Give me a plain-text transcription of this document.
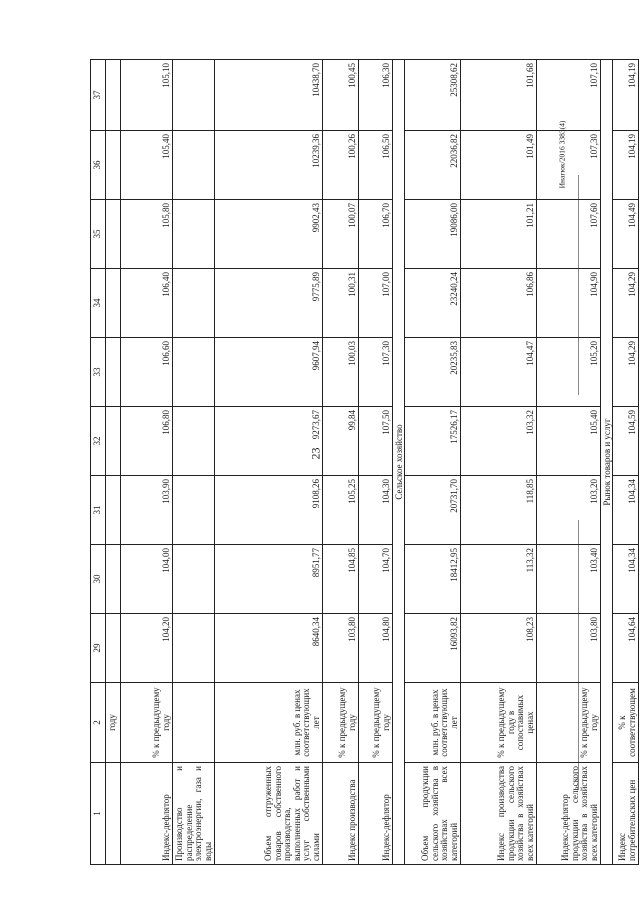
23
Инагюк/2016 3383(4)
1	2	29	30	31	32	33	34	35	36	37
	году									
Индекс-дефлятор	% к предыдущему году	104,20	104,00	103,90	106,80	106,60	106,40	105,80	105,40	105,10
Производство и распределение электроэнергии, газа и воды										
Объем отгруженных товаров собственного производства, выполненных работ и услуг собственными силами	млн. руб. в ценах соответствующих лет	8640,34	8951,77	9108,26	9273,67	9607,94	9775,89	9902,43	10239,36	10438,70
Индекс производства	% к предыдущему году	103,80	104,85	105,25	99,84	100,03	100,31	100,07	100,26	100,45
Индекс-дефлятор	% к предыдущему году	104,80	104,70	104,30	107,50	107,30	107,00	106,70	106,50	106,30
Сельское хозяйство										
Объем продукции сельского хозяйства в хозяйствах всех категорий	млн. руб. в ценах соответствующих лет	16093,82	18412,95	20731,70	17526,17	20235,83	23240,24	19086,00	22036,82	25308,62
Индекс производства продукции сельского хозяйства в хозяйствах всех категорий	% к предыдущему году в сопоставимых ценах	108,23	113,32	118,85	103,32	104,47	106,86	101,21	101,49	101,68
Индекс-дефлятор продукции сельского хозяйства в хозяйствах всех категорий	% к предыдущему году	103,80	103,40	103,20	105,40	105,20	104,90	107,60	107,30	107,10
Рынок товаров и услуг										
Индекс потребительских цен	% к соответствующем	104,64	104,34	104,34	104,59	104,29	104,29	104,49	104,19	104,19
